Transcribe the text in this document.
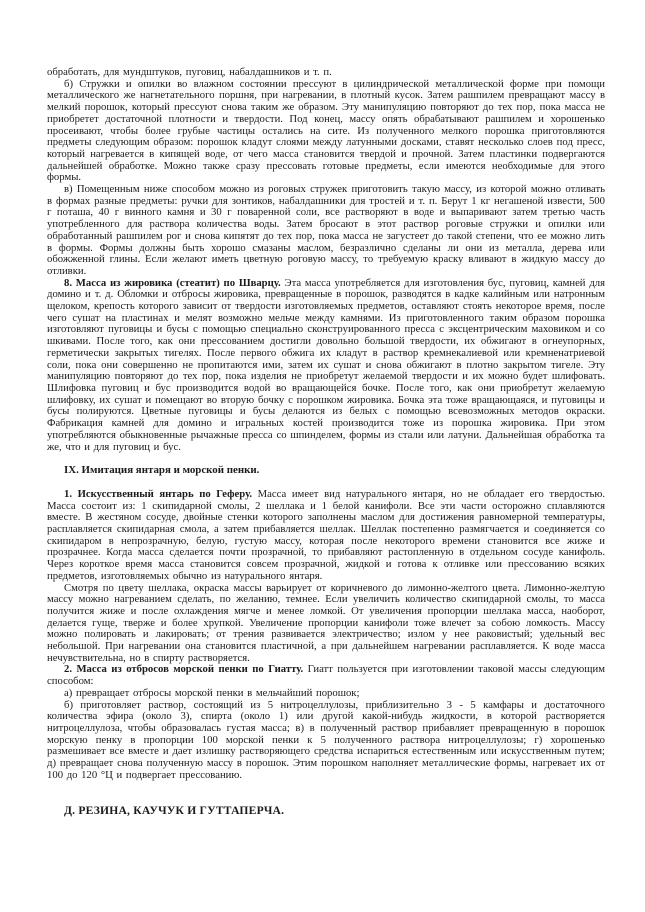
обработать, для мундштуков, пуговиц, набалдашников и т. п.

б) Стружки и опилки во влажном состоянии прессуют в цилиндрической металлической форме при помощи металлического же нагнетательного поршня, при нагревании, в плотный кусок. Затем рашпилем превращают массу в мелкий порошок, который прессуют снова таким же образом. Эту манипуляцию повторяют до тех пор, пока масса не приобретет достаточной плотности и твердости. Под конец, массу опять обрабатывают рашпилем и хорошенько просеивают, чтобы более грубые частицы остались на сите. Из полученного мелкого порошка приготовляются предметы следующим образом: порошок кладут слоями между латунными досками, ставят несколько слоев под пресс, который нагревается в кипящей воде, от чего масса становится твердой и прочной. Затем пластинки подвергаются дальнейшей обработке. Можно также сразу прессовать готовые предметы, если имеются необходимые для этого формы.

в) Помещенным ниже способом можно из роговых стружек приготовить такую массу, из которой можно отливать в формах разные предметы: ручки для зонтиков, набалдашники для тростей и т. п. Берут 1 кг негашеной извести, 500 г поташа, 40 г винного камня и 30 г поваренной соли, все растворяют в воде и выпаривают затем третью часть употребленного для раствора количества воды. Затем бросают в этот раствор роговые стружки и опилки или обработанный рашпилем рог и снова кипятят до тех пор, пока масса не загустеет до такой степени, что ее можно лить в формы. Формы должны быть хорошо смазаны маслом, безразлично сделаны ли они из металла, дерева или обожженной глины. Если желают иметь цветную роговую массу, то требуемую краску вливают в жидкую массу до отливки.

8. Масса из жировика (стеатит) по Шварцу. Эта масса употребляется для изготовления бус, пуговиц, камней для домино и т. д. Обломки и отбросы жировика, превращенные в порошок, разводятся в кадке калийным или натронным щелоком, крепость которого зависит от твердости изготовляемых предметов, оставляют стоять некоторое время, после чего сушат на пластинах и мелят возможно мельче между камнями. Из приготовленного таким образом порошка изготовляют пуговицы и бусы с помощью специально сконструированного пресса с эксцентрическим маховиком и со шкивами. После того, как они прессованием достигли довольно большой твердости, их обжигают в огнеупорных, герметически закрытых тигелях. После первого обжига их кладут в раствор кремнекалиевой или кремненатриевой соли, пока они совершенно не пропитаются ими, затем их сушат и снова обжигают в плотно закрытом тигеле. Эту манипуляцию повторяют до тех пор, пока изделия не приобретут желаемой твердости и их можно будет шлифовать. Шлифовка пуговиц и бус производится водой во вращающейся бочке. После того, как они приобретут желаемую шлифовку, их сушат и помещают во вторую бочку с порошком жировика. Бочка эта тоже вращающаяся, и пуговицы и бусы полируются. Цветные пуговицы и бусы делаются из белых с помощью всевозможных методов окраски. Фабрикация камней для домино и игральных костей производится тоже из порошка жировика. При этом употребляются обыкновенные рычажные пресса со шпинделем, формы из стали или латуни. Дальнейшая обработка та же, что и для пуговиц и бус.

IX. Имитация янтаря и морской пенки.

1. Искусственный янтарь по Геферу. Масса имеет вид натурального янтаря, но не обладает его твердостью. Масса состоит из: 1 скипидарной смолы, 2 шеллака и 1 белой канифоли. Все эти части осторожно сплавляются вместе. В жестяном сосуде, двойные стенки которого заполнены маслом для достижения равномерной температуры, расплавляется скипидарная смола, а затем прибавляется шеллак. Шеллак постепенно размягчается и соединяется со скипидаром в непрозрачную, белую, густую массу, которая после некоторого времени становится все жиже и прозрачнее. Когда масса сделается почти прозрачной, то прибавляют растопленную в отдельном сосуде канифоль. Через короткое время масса становится совсем прозрачной, жидкой и готова к отливке или прессованию всяких предметов, изготовляемых обычно из натурального янтаря.

Смотря по цвету шеллака, окраска массы варьирует от коричневого до лимонно-желтого цвета. Лимонно-желтую массу можно нагреванием сделать, по желанию, темнее. Если увеличить количество скипидарной смолы, то масса получится жиже и после охлаждения мягче и менее ломкой. От увеличения пропорции шеллака масса, наоборот, делается гуще, тверже и более хрупкой. Увеличение пропорции канифоли тоже влечет за собою ломкость. Массу можно полировать и лакировать; от трения развивается электричество; излом у нее раковистый; удельный вес небольшой. При нагревании она становится пластичной, а при дальнейшем нагревании расплавляется. К воде масса нечувствительна, но в спирту растворяется.

2. Масса из отбросов морской пенки по Гиатту. Гиатт пользуется при изготовлении таковой массы следующим способом:

а) превращает отбросы морской пенки в мельчайший порошок;

б) приготовляет раствор, состоящий из 5 нитроцеллулозы, приблизительно 3 - 5 камфары и достаточного количества эфира (около 3), спирта (около 1) или другой какой-нибудь жидкости, в которой растворяется нитроцеллулоза, чтобы образовалась густая масса; в) в полученный раствор прибавляет превращенную в порошок морскую пенку в пропорции 100 морской пенки к 5 полученного раствора нитроцеллулозы; г) хорошенько размешивает все вместе и дает излишку растворяющего средства испариться естественным или искусственным путем; д) превращает снова полученную массу в порошок. Этим порошком наполняет металлические формы, нагревает их от 100 до 120 °Ц и подвергает прессованию.

Д. РЕЗИНА, КАУЧУК И ГУТТАПЕРЧА.
